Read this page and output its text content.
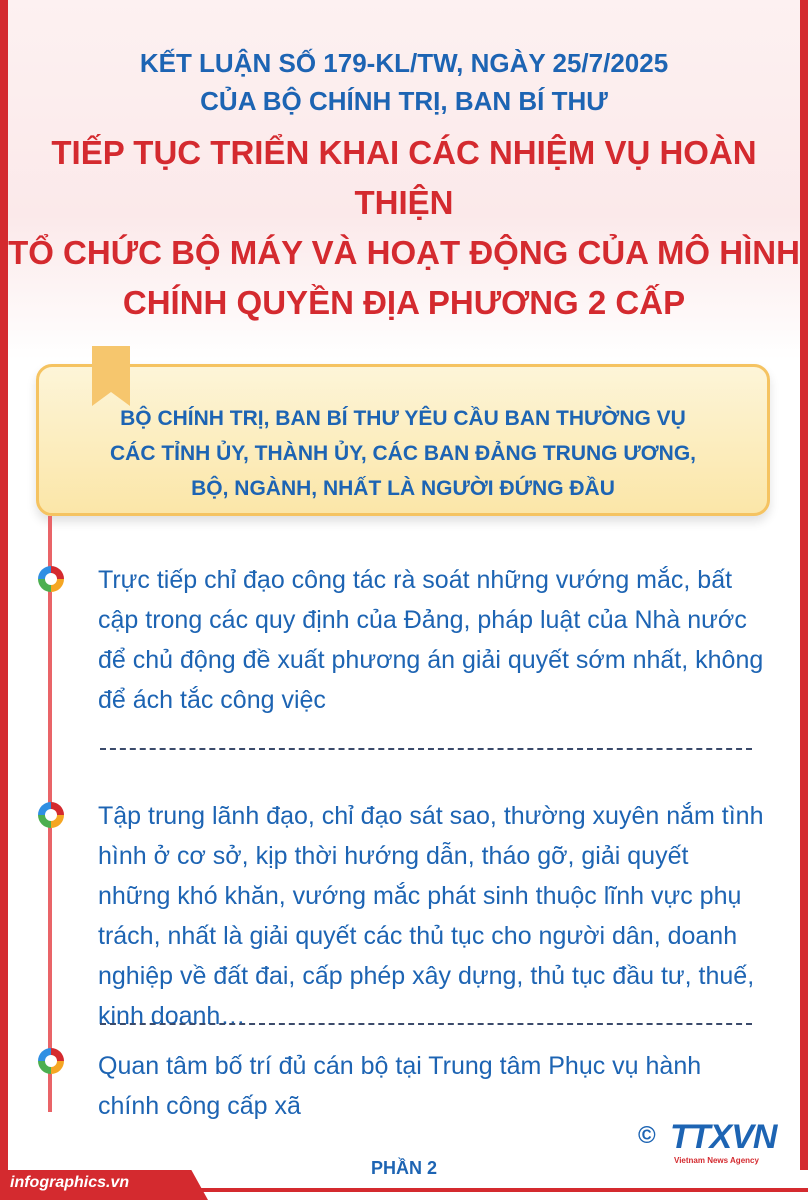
KẾT LUẬN SỐ 179-KL/TW, NGÀY 25/7/2025

CỦA BỘ CHÍNH TRỊ, BAN BÍ THƯ

TIẾP TỤC TRIỂN KHAI CÁC NHIỆM VỤ HOÀN THIỆN

TỔ CHỨC BỘ MÁY VÀ HOẠT ĐỘNG CỦA MÔ HÌNH

CHÍNH QUYỀN ĐỊA PHƯƠNG 2 CẤP

BỘ CHÍNH TRỊ, BAN BÍ THƯ YÊU CẦU BAN THƯỜNG VỤ

CÁC TỈNH ỦY, THÀNH ỦY, CÁC BAN ĐẢNG TRUNG ƯƠNG,

BỘ, NGÀNH, NHẤT LÀ NGƯỜI ĐỨNG ĐẦU

Trực tiếp chỉ đạo công tác rà soát những vướng mắc, bất cập trong các quy định của Đảng, pháp luật của Nhà nước để chủ động đề xuất phương án giải quyết sớm nhất, không để ách tắc công việc

Tập trung lãnh đạo, chỉ đạo sát sao, thường xuyên nắm tình hình ở cơ sở, kịp thời hướng dẫn, tháo gỡ, giải quyết những khó khăn, vướng mắc phát sinh thuộc lĩnh vực phụ trách, nhất là giải quyết các thủ tục cho người dân, doanh nghiệp về đất đai, cấp phép xây dựng, thủ tục đầu tư, thuế, kinh doanh…

Quan tâm bố trí đủ cán bộ tại Trung tâm Phục vụ hành chính công cấp xã

© TTXVN
Vietnam News Agency
PHẦN 2
infographics.vn
